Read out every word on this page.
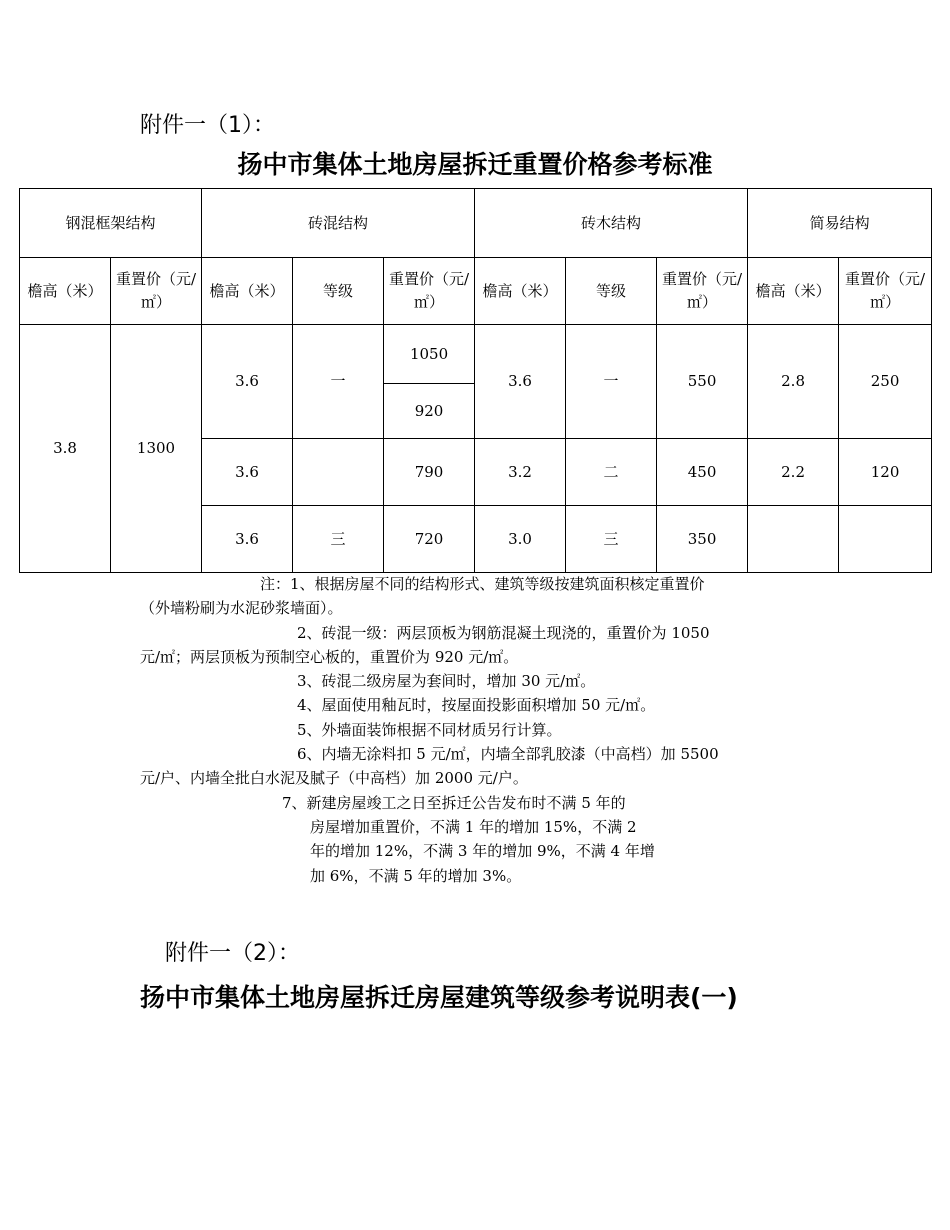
附件一（1）：
扬中市集体土地房屋拆迁重置价格参考标准
钢混框架结构		砖混结构			砖木结构			简易结构	
檐高（米）	重置价（元/㎡）	檐高（米）	等级	重置价（元/㎡）	檐高（米）	等级	重置价（元/㎡）	檐高（米）	重置价（元/㎡）
3.8	1300	3.6	一	1050	3.6	一	550	2.8	250
				920					
		3.6		790	3.2	二	450	2.2	120
		3.6	三	720	3.0	三	350		
注：1、根据房屋不同的结构形式、建筑等级按建筑面积核定重置价
（外墙粉刷为水泥砂浆墙面）。
2、砖混一级：两层顶板为钢筋混凝土现浇的，重置价为 1050
元/㎡；两层顶板为预制空心板的，重置价为 920 元/㎡。
3、砖混二级房屋为套间时，增加 30 元/㎡。
4、屋面使用釉瓦时，按屋面投影面积增加 50 元/㎡。
5、外墙面装饰根据不同材质另行计算。
6、内墙无涂料扣 5 元/㎡，内墙全部乳胶漆（中高档）加 5500
元/户、内墙全批白水泥及腻子（中高档）加 2000 元/户。
7、新建房屋竣工之日至拆迁公告发布时不满 5 年的
房屋增加重置价，不满 1 年的增加 15%，不满 2
年的增加 12%，不满 3 年的增加 9%，不满 4 年增
加 6%，不满 5 年的增加 3%。
附件一（2）：
扬中市集体土地房屋拆迁房屋建筑等级参考说明表(一)
